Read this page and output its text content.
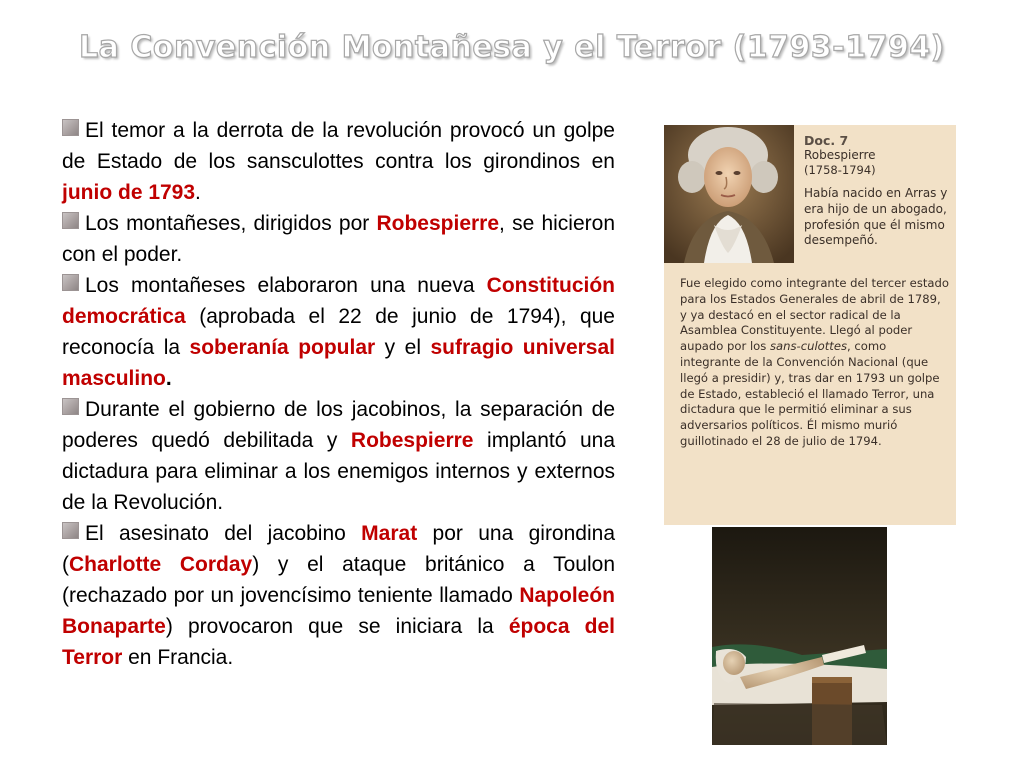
La Convención Montañesa y el Terror (1793-1794)

El temor a la derrota de la revolución provocó un golpe de Estado de los sansculottes contra los girondinos en junio de 1793.

Los montañeses, dirigidos por Robespierre, se hicieron con el poder.

Los montañeses elaboraron una nueva Constitución democrática (aprobada el 22 de junio de 1794), que reconocía la soberanía popular y el sufragio universal masculino.

Durante el gobierno de los jacobinos, la separación de poderes quedó debilitada y Robespierre implantó una dictadura para eliminar a los enemigos internos y externos de la Revolución.

El asesinato del jacobino Marat por una girondina (Charlotte Corday) y el ataque británico a Toulon (rechazado por un jovencísimo teniente llamado Napoleón Bonaparte) provocaron que se iniciara la época del Terror en Francia.

Doc. 7
Robespierre
(1758-1794)
Había nacido en Arras y era hijo de un abogado, profesión que él mismo desempeñó.
Fue elegido como integrante del tercer estado para los Estados Generales de abril de 1789, y ya destacó en el sector radical de la Asamblea Constituyente. Llegó al poder aupado por los sans-culottes, como integrante de la Convención Nacional (que llegó a presidir) y, tras dar en 1793 un golpe de Estado, estableció el llamado Terror, una dictadura que le permitió eliminar a sus adversarios políticos. Él mismo murió guillotinado el 28 de julio de 1794.
